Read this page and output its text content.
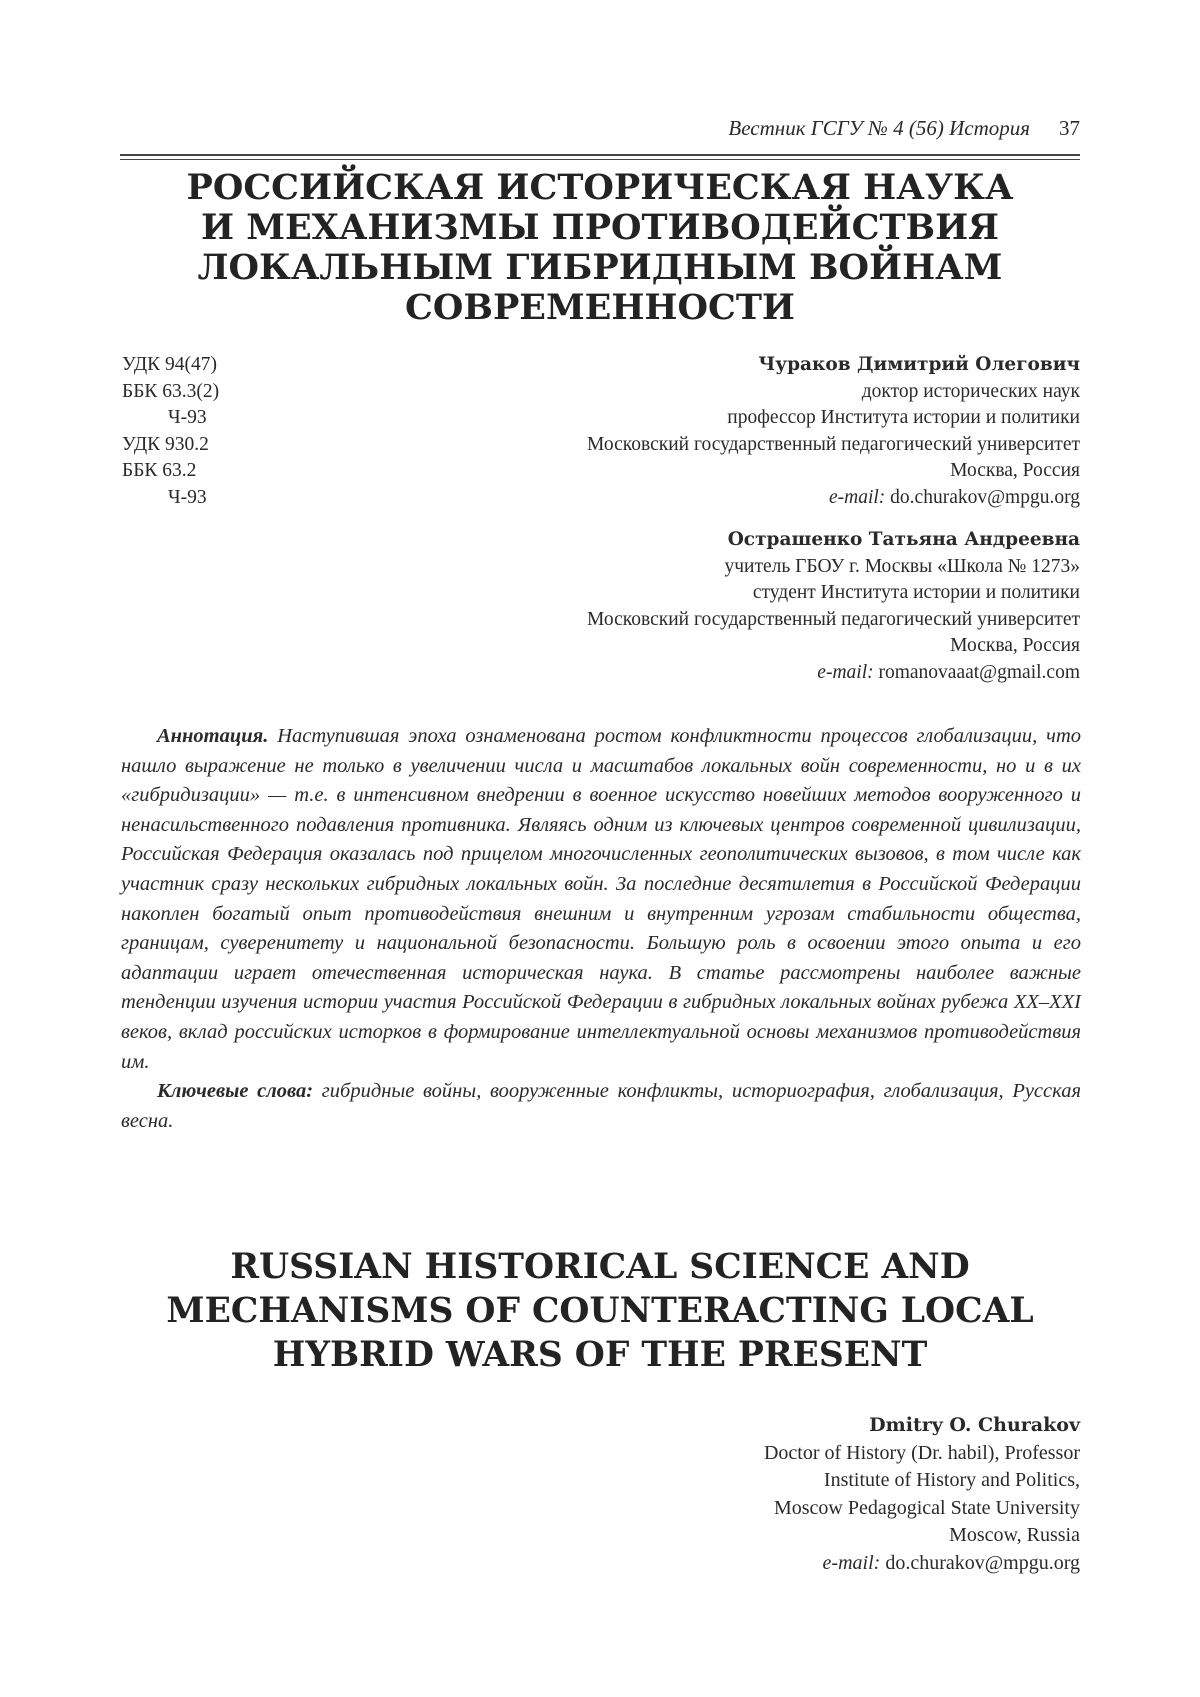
Вестник ГСГУ № 4 (56) История 37
РОССИЙСКАЯ ИСТОРИЧЕСКАЯ НАУКА
И МЕХАНИЗМЫ ПРОТИВОДЕЙСТВИЯ
ЛОКАЛЬНЫМ ГИБРИДНЫМ ВОЙНАМ
СОВРЕМЕННОСТИ
УДК 94(47)
ББК 63.3(2)
Ч-93
УДК 930.2
ББК 63.2
Ч-93
Чураков Димитрий Олегович
доктор исторических наук
профессор Института истории и политики
Московский государственный педагогический университет
Москва, Россия
e-mail: do.churakov@mpgu.org
Острашенко Татьяна Андреевна
учитель ГБОУ г. Москвы «Школа № 1273»
студент Института истории и политики
Московский государственный педагогический университет
Москва, Россия
e-mail: romanovaaat@gmail.com

Аннотация. Наступившая эпоха ознаменована ростом конфликтности процессов глобализации, что нашло выражение не только в увеличении числа и масштабов локальных войн современности, но и в их «гибридизации» — т.е. в интенсивном внедрении в военное искусство новейших методов вооруженного и ненасильственного подавления противника. Являясь одним из ключевых центров современной цивилизации, Российская Федерация оказалась под прицелом многочисленных геополитических вызовов, в том числе как участник сразу нескольких гибридных локальных войн. За последние десятилетия в Российской Федерации накоплен богатый опыт противодействия внешним и внутренним угрозам стабильности общества, границам, суверенитету и национальной безопасности. Большую роль в освоении этого опыта и его адаптации играет отечественная историческая наука. В статье рассмотрены наиболее важные тенденции изучения истории участия Российской Федерации в гибридных локальных войнах рубежа XX–XXI веков, вклад российских исторков в формирование интеллектуальной основы механизмов противодействия им.

Ключевые слова: гибридные войны, вооруженные конфликты, историография, глобализация, Русская весна.

RUSSIAN HISTORICAL SCIENCE AND
MECHANISMS OF COUNTERACTING LOCAL
HYBRID WARS OF THE PRESENT
Dmitry O. Churakov
Doctor of History (Dr. habil), Professor
Institute of History and Politics,
Moscow Pedagogical State University
Moscow, Russia
e-mail: do.churakov@mpgu.org
